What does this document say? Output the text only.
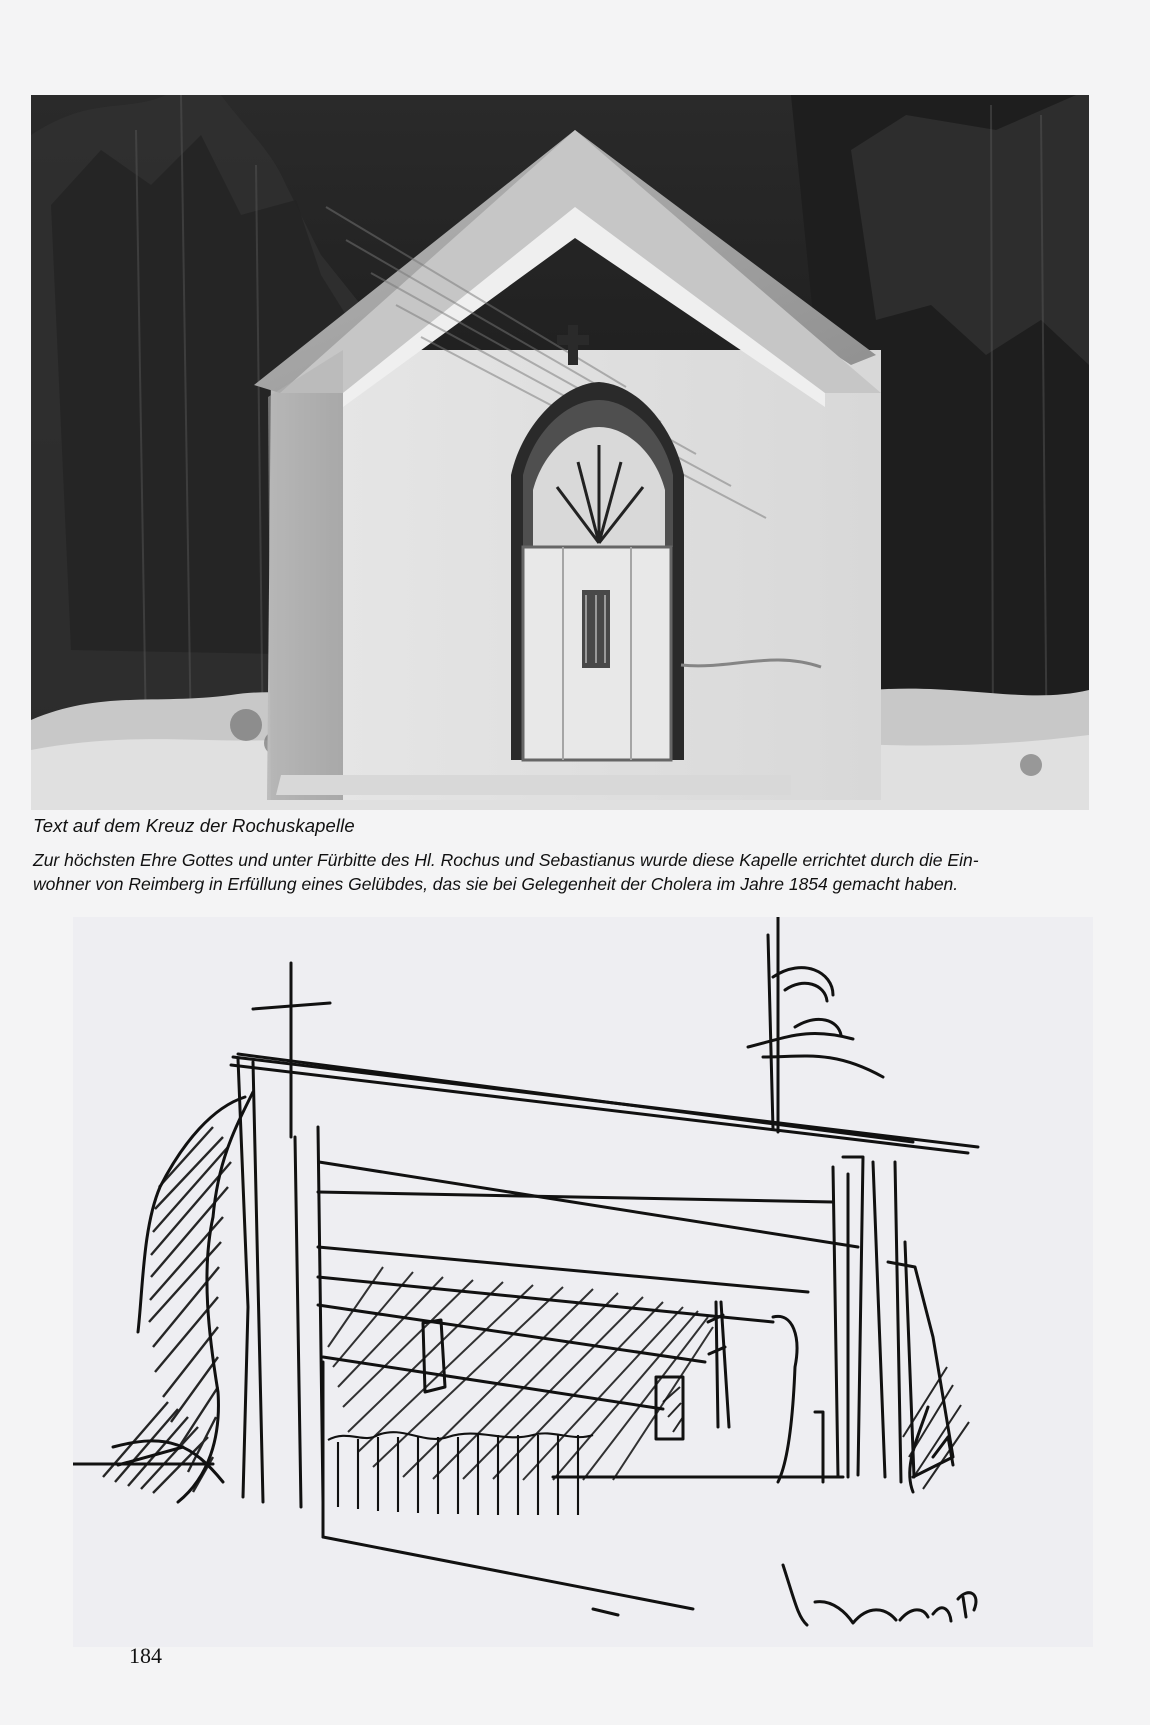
Text auf dem Kreuz der Rochuskapelle
Zur höchsten Ehre Gottes und unter Fürbitte des Hl. Rochus und Sebastianus wurde diese Kapelle errichtet durch die Ein-
wohner von Reimberg in Erfüllung eines Gelübdes, das sie bei Gelegenheit der Cholera im Jahre 1854 gemacht haben.
184
